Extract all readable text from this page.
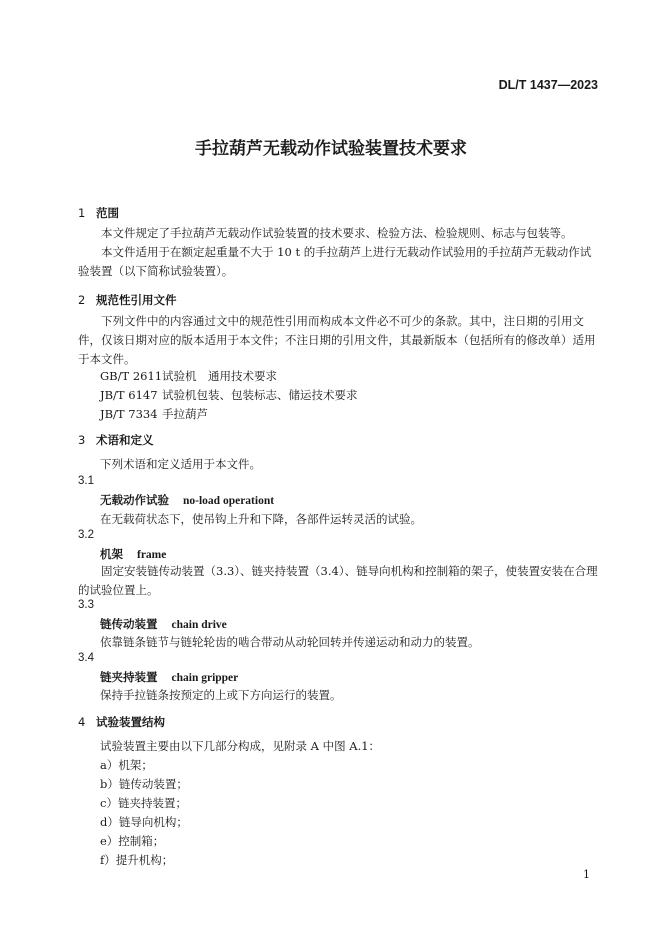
DL/T 1437—2023
手拉葫芦无载动作试验装置技术要求
1 范围
本文件规定了手拉葫芦无载动作试验装置的技术要求、检验方法、检验规则、标志与包装等。
本文件适用于在额定起重量不大于 10 t 的手拉葫芦上进行无载动作试验用的手拉葫芦无载动作试验装置（以下简称试验装置）。
2 规范性引用文件
下列文件中的内容通过文中的规范性引用而构成本文件必不可少的条款。其中，注日期的引用文件，仅该日期对应的版本适用于本文件；不注日期的引用文件，其最新版本（包括所有的修改单）适用于本文件。
GB/T 2611试验机　通用技术要求
JB/T 6147 试验机包装、包装标志、储运技术要求
JB/T 7334 手拉葫芦
3 术语和定义
下列术语和定义适用于本文件。
3.1
无载动作试验 no-load operationt
在无载荷状态下，使吊钩上升和下降，各部件运转灵活的试验。
3.2
机架 frame
固定安装链传动装置（3.3）、链夹持装置（3.4）、链导向机构和控制箱的架子，使装置安装在合理的试验位置上。
3.3
链传动装置 chain drive
依靠链条链节与链轮轮齿的啮合带动从动轮回转并传递运动和动力的装置。
3.4
链夹持装置 chain gripper
保持手拉链条按预定的上或下方向运行的装置。
4 试验装置结构
试验装置主要由以下几部分构成，见附录 A 中图 A.1：
a）机架；
b）链传动装置；
c）链夹持装置；
d）链导向机构；
e）控制箱；
f）提升机构；
1
